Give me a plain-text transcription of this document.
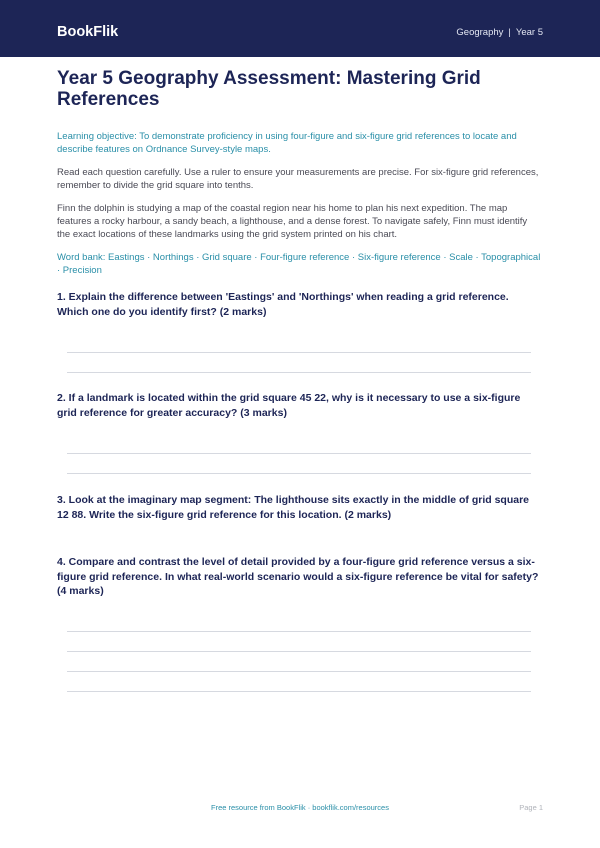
BookFlik	Geography | Year 5
Year 5 Geography Assessment: Mastering Grid References
Learning objective: To demonstrate proficiency in using four-figure and six-figure grid references to locate and describe features on Ordnance Survey-style maps.
Read each question carefully. Use a ruler to ensure your measurements are precise. For six-figure grid references, remember to divide the grid square into tenths.
Finn the dolphin is studying a map of the coastal region near his home to plan his next expedition. The map features a rocky harbour, a sandy beach, a lighthouse, and a dense forest. To navigate safely, Finn must identify the exact locations of these landmarks using the grid system printed on his chart.
Word bank: Eastings · Northings · Grid square · Four-figure reference · Six-figure reference · Scale · Topographical · Precision
1. Explain the difference between 'Eastings' and 'Northings' when reading a grid reference. Which one do you identify first? (2 marks)
2. If a landmark is located within the grid square 45 22, why is it necessary to use a six-figure grid reference for greater accuracy? (3 marks)
3. Look at the imaginary map segment: The lighthouse sits exactly in the middle of grid square 12 88. Write the six-figure grid reference for this location. (2 marks)
4. Compare and contrast the level of detail provided by a four-figure grid reference versus a six-figure grid reference. In what real-world scenario would a six-figure reference be vital for safety? (4 marks)
Free resource from BookFlik · bookflik.com/resources	Page 1
